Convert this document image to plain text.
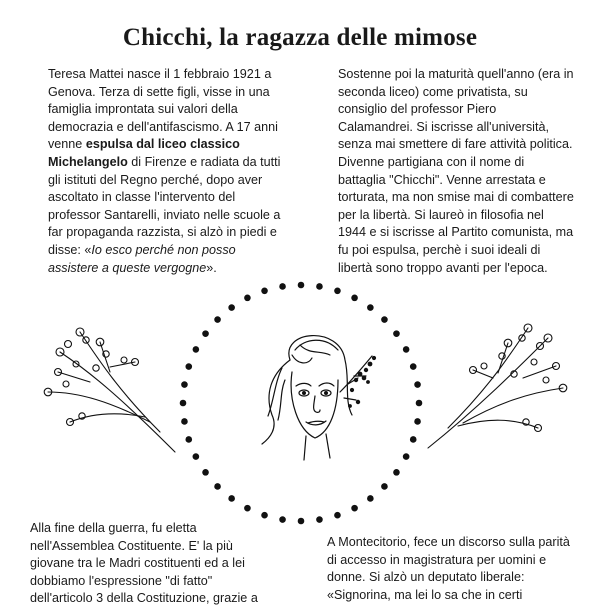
Chicchi, la ragazza delle mimose

Teresa Mattei nasce il 1 febbraio 1921 a Genova. Terza di sette figli, visse in una famiglia improntata sui valori della democrazia e dell'antifascismo. A 17 anni venne espulsa dal liceo classico Michelangelo di Firenze e radiata da tutti gli istituti del Regno perché, dopo aver ascoltato in classe l'intervento del professor Santarelli, inviato nelle scuole a far propaganda razzista, si alzò in piedi e disse: «Io esco perché non posso assistere a queste vergogne».

Sostenne poi la maturità quell'anno (era in seconda liceo) come privatista, su consiglio del professor Piero Calamandrei. Si iscrisse all'università, senza mai smettere di fare attività politica. Divenne partigiana con il nome di battaglia "Chicchi". Venne arrestata e torturata, ma non smise mai di combattere per la libertà. Si laureò in filosofia nel 1944 e si iscrisse al Partito comunista, ma fu poi espulsa, perchè i suoi ideali di libertà sono troppo avanti per l'epoca.

Alla fine della guerra, fu eletta nell'Assemblea Costituente. E' la più giovane tra le Madri costituenti ed a lei dobbiamo l'espressione "di fatto" dell'articolo 3 della Costituzione, grazie a

A Montecitorio, fece un discorso sulla parità di accesso in magistratura per uomini e donne. Si alzò un deputato liberale: «Signorina, ma lei lo sa che in certi
